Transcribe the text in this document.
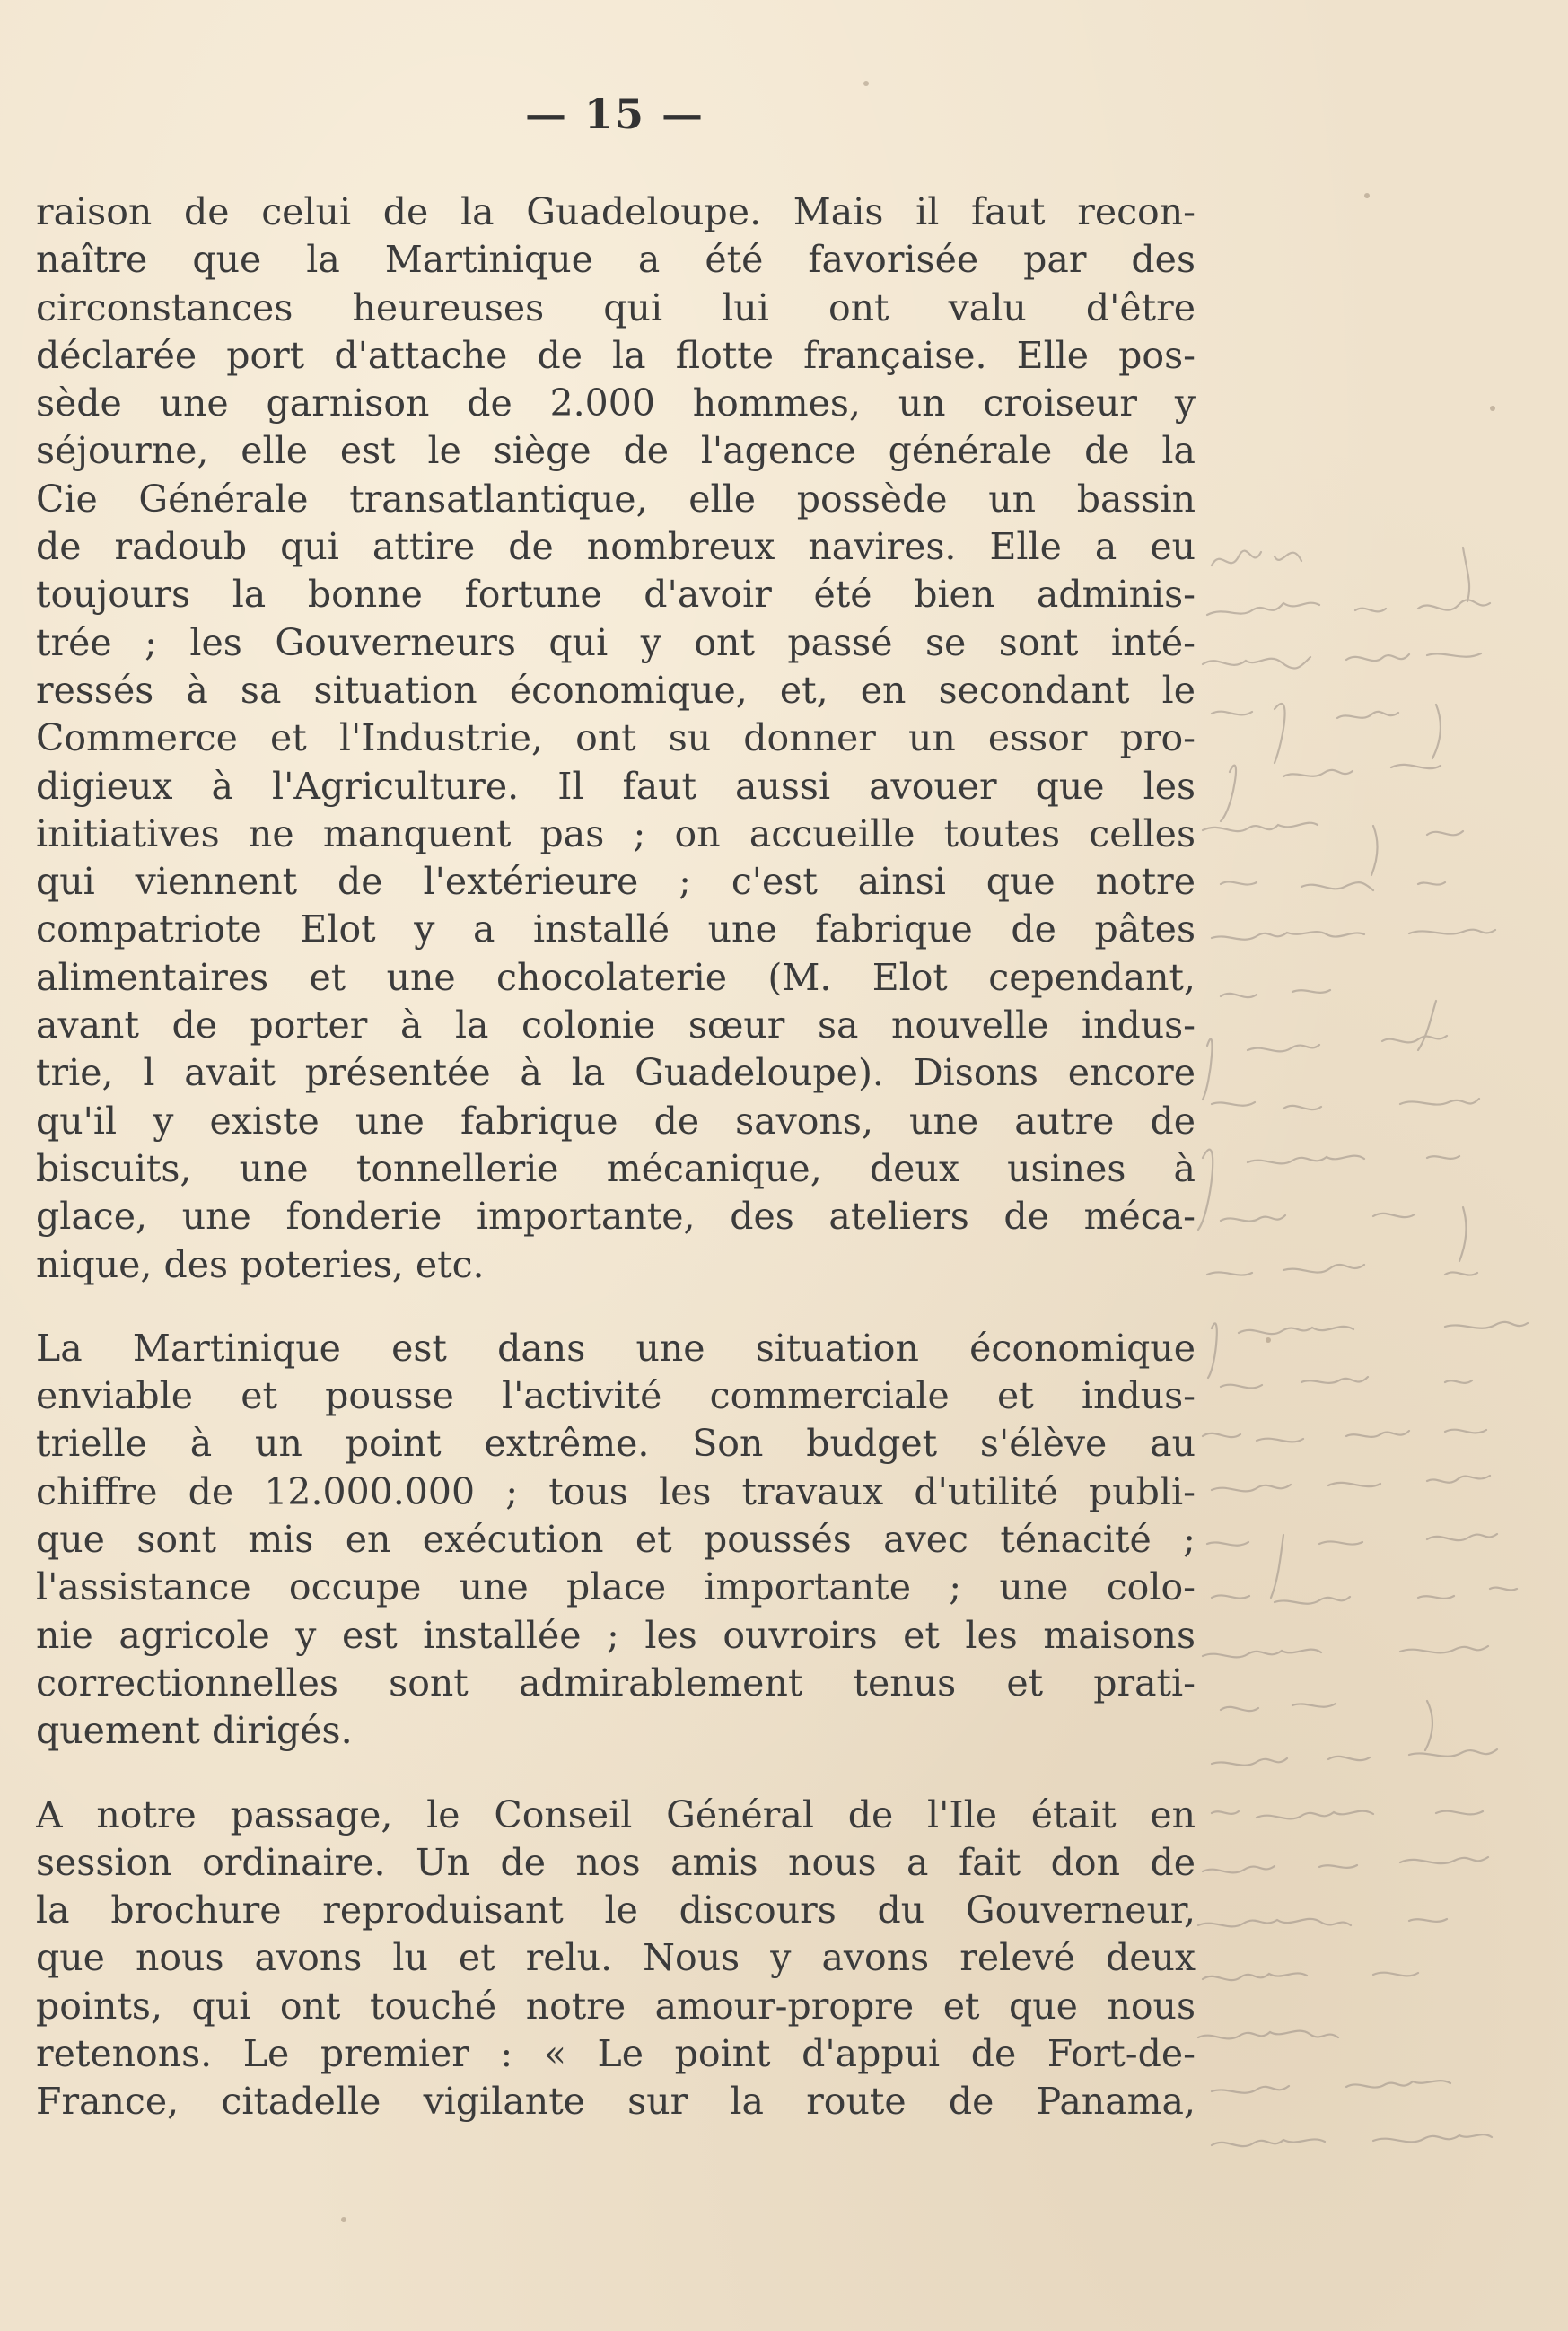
— 15 —
raison de celui de la Guadeloupe. Mais il faut recon-
naître que la Martinique a été favorisée par des
circonstances heureuses qui lui ont valu d'être
déclarée port d'attache de la flotte française. Elle pos-
sède une garnison de 2.000 hommes, un croiseur y
séjourne, elle est le siège de l'agence générale de la
Cie Générale transatlantique, elle possède un bassin
de radoub qui attire de nombreux navires. Elle a eu
toujours la bonne fortune d'avoir été bien adminis-
trée ; les Gouverneurs qui y ont passé se sont inté-
ressés à sa situation économique, et, en secondant le
Commerce et l'Industrie, ont su donner un essor pro-
digieux à l'Agriculture. Il faut aussi avouer que les
initiatives ne manquent pas ; on accueille toutes celles
qui viennent de l'extérieure ; c'est ainsi que notre
compatriote Elot y a installé une fabrique de pâtes
alimentaires et une chocolaterie (M. Elot cependant,
avant de porter à la colonie sœur sa nouvelle indus-
trie, l avait présentée à la Guadeloupe). Disons encore
qu'il y existe une fabrique de savons, une autre de
biscuits, une tonnellerie mécanique, deux usines à
glace, une fonderie importante, des ateliers de méca-
nique, des poteries, etc.
La Martinique est dans une situation économique
enviable et pousse l'activité commerciale et indus-
trielle à un point extrême. Son budget s'élève au
chiffre de 12.000.000 ; tous les travaux d'utilité publi-
que sont mis en exécution et poussés avec ténacité ;
l'assistance occupe une place importante ; une colo-
nie agricole y est installée ; les ouvroirs et les maisons
correctionnelles sont admirablement tenus et prati-
quement dirigés.
A notre passage, le Conseil Général de l'Ile était en
session ordinaire. Un de nos amis nous a fait don de
la brochure reproduisant le discours du Gouverneur,
que nous avons lu et relu. Nous y avons relevé deux
points, qui ont touché notre amour-propre et que nous
retenons. Le premier : « Le point d'appui de Fort-de-
France, citadelle vigilante sur la route de Panama,
